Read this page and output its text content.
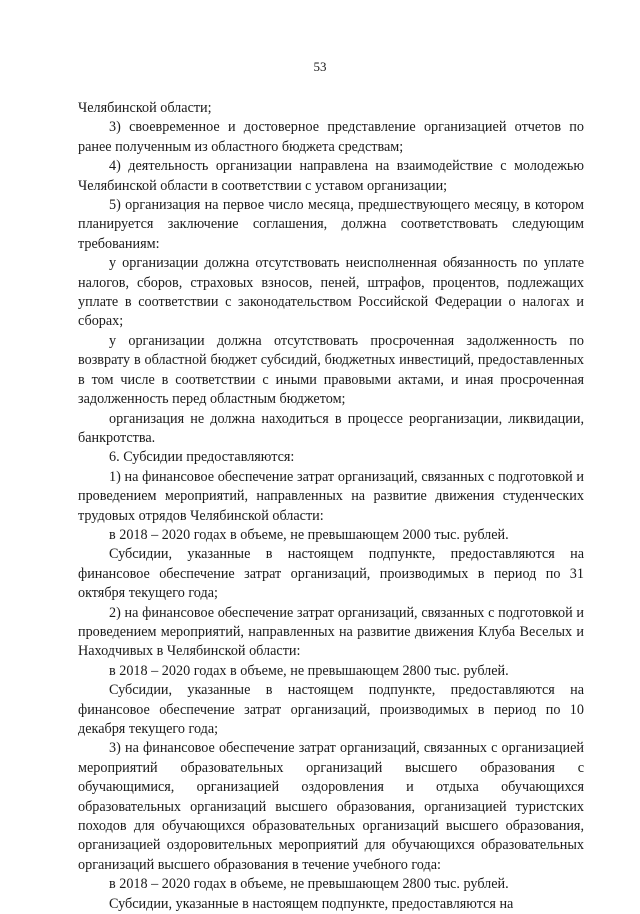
53

Челябинской области;

3) своевременное и достоверное представление организацией отчетов по ранее полученным из областного бюджета средствам;

4) деятельность организации направлена на взаимодействие с молодежью Челябинской области в соответствии с уставом организации;

5) организация на первое число месяца, предшествующего месяцу, в котором планируется заключение соглашения, должна соответствовать следующим требованиям:

у организации должна отсутствовать неисполненная обязанность по уплате налогов, сборов, страховых взносов, пеней, штрафов, процентов, подлежащих уплате в соответствии с законодательством Российской Федерации о налогах и сборах;

у организации должна отсутствовать просроченная задолженность по возврату в областной бюджет субсидий, бюджетных инвестиций, предоставленных в том числе в соответствии с иными правовыми актами, и иная просроченная задолженность перед областным бюджетом;

организация не должна находиться в процессе реорганизации, ликвидации, банкротства.

6. Субсидии предоставляются:

1) на финансовое обеспечение затрат организаций, связанных с подготовкой и проведением мероприятий, направленных на развитие движения студенческих трудовых отрядов Челябинской области:

в 2018 – 2020 годах в объеме, не превышающем 2000 тыс. рублей.

Субсидии, указанные в настоящем подпункте, предоставляются на финансовое обеспечение затрат организаций, производимых в период по 31 октября текущего года;

2) на финансовое обеспечение затрат организаций, связанных с подготовкой и проведением мероприятий, направленных на развитие движения Клуба Веселых и Находчивых в Челябинской области:

в 2018 – 2020 годах в объеме, не превышающем 2800 тыс. рублей.

Субсидии, указанные в настоящем подпункте, предоставляются на финансовое обеспечение затрат организаций, производимых в период по 10 декабря текущего года;

3) на финансовое обеспечение затрат организаций, связанных с организацией мероприятий образовательных организаций высшего образования с обучающимися, организацией оздоровления и отдыха обучающихся образовательных организаций высшего образования, организацией туристских походов для обучающихся образовательных организаций высшего образования, организацией оздоровительных мероприятий для обучающихся образовательных организаций высшего образования в течение учебного года:

в 2018 – 2020 годах в объеме, не превышающем 2800 тыс. рублей.

Субсидии, указанные в настоящем подпункте, предоставляются на
